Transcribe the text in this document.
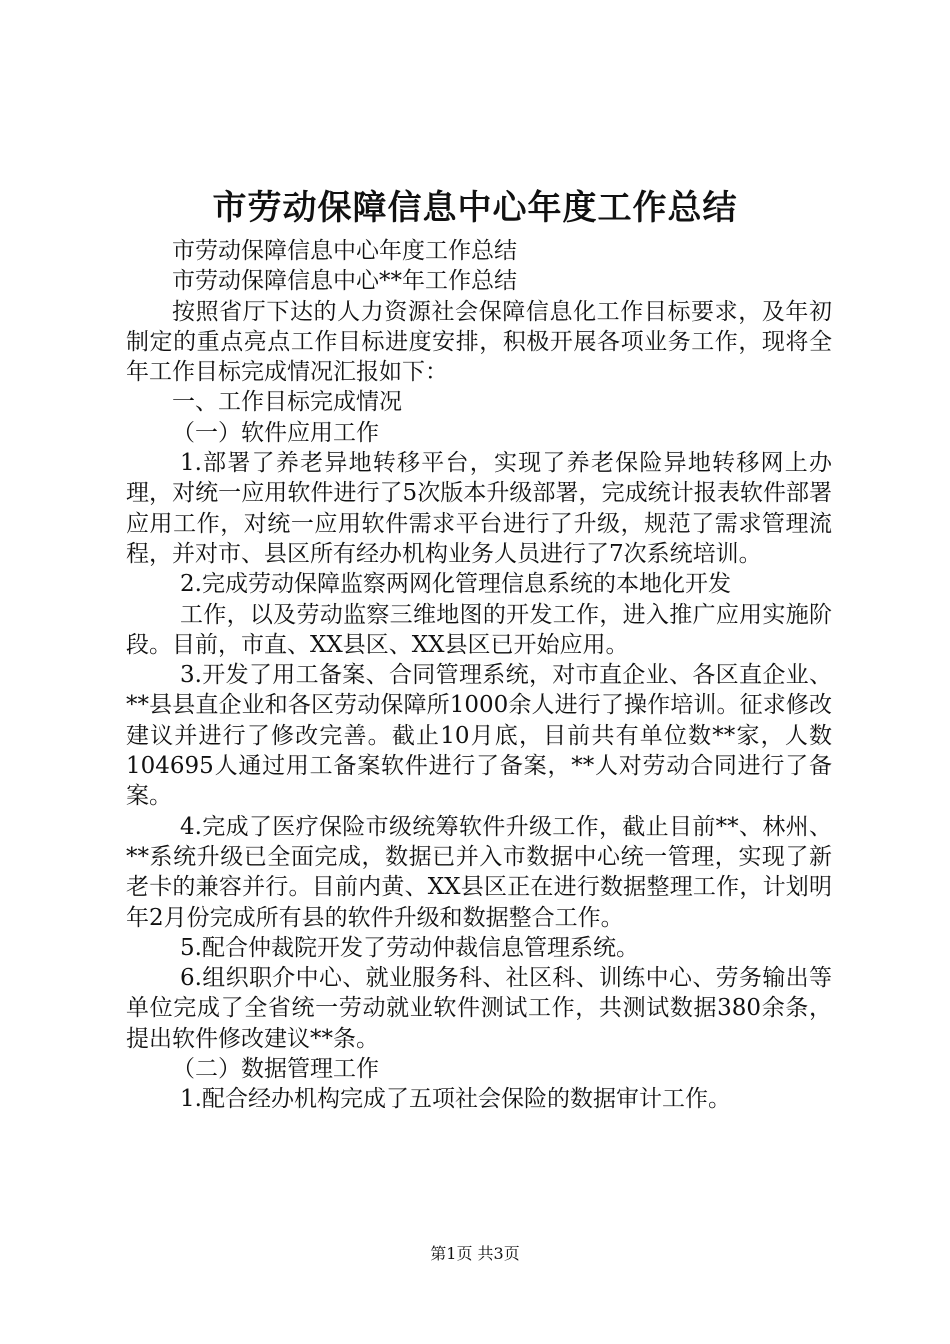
市劳动保障信息中心年度工作总结

市劳动保障信息中心年度工作总结

市劳动保障信息中心**年工作总结

按照省厅下达的人力资源社会保障信息化工作目标要求，及年初制定的重点亮点工作目标进度安排，积极开展各项业务工作，现将全年工作目标完成情况汇报如下：

一、工作目标完成情况

（一）软件应用工作

1.部署了养老异地转移平台，实现了养老保险异地转移网上办理，对统一应用软件进行了5次版本升级部署，完成统计报表软件部署应用工作，对统一应用软件需求平台进行了升级，规范了需求管理流程，并对市、县区所有经办机构业务人员进行了7次系统培训。

2.完成劳动保障监察两网化管理信息系统的本地化开发

工作，以及劳动监察三维地图的开发工作，进入推广应用实施阶段。目前，市直、XX县区、XX县区已开始应用。

3.开发了用工备案、合同管理系统，对市直企业、各区直企业、**县县直企业和各区劳动保障所1000余人进行了操作培训。征求修改建议并进行了修改完善。截止10月底，目前共有单位数**家，人数104695人通过用工备案软件进行了备案，**人对劳动合同进行了备案。

4.完成了医疗保险市级统筹软件升级工作，截止目前**、林州、**系统升级已全面完成，数据已并入市数据中心统一管理，实现了新老卡的兼容并行。目前内黄、XX县区正在进行数据整理工作，计划明年2月份完成所有县的软件升级和数据整合工作。

5.配合仲裁院开发了劳动仲裁信息管理系统。

6.组织职介中心、就业服务科、社区科、训练中心、劳务输出等单位完成了全省统一劳动就业软件测试工作，共测试数据380余条，提出软件修改建议**条。

（二）数据管理工作

1.配合经办机构完成了五项社会保险的数据审计工作。

第1页 共3页
